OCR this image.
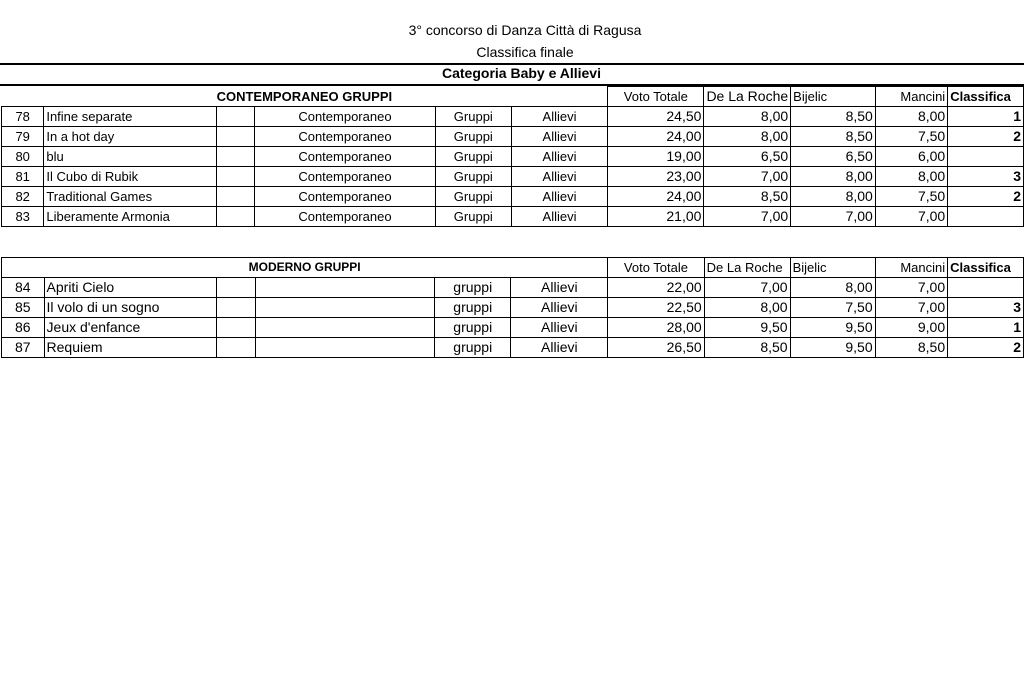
3° concorso di Danza Città di Ragusa
Classifica finale
Categoria Baby e Allievi
CONTEMPORANEO GRUPPI						Voto Totale	De La Roche	Bijelic	Mancini	Classifica
78	Infine separate		Contemporaneo	Gruppi	Allievi	24,50	8,00	8,50	8,00	1
79	In a hot day		Contemporaneo	Gruppi	Allievi	24,00	8,00	8,50	7,50	2
80	blu		Contemporaneo	Gruppi	Allievi	19,00	6,50	6,50	6,00	
81	Il Cubo di Rubik		Contemporaneo	Gruppi	Allievi	23,00	7,00	8,00	8,00	3
82	Traditional Games		Contemporaneo	Gruppi	Allievi	24,00	8,50	8,00	7,50	2
83	Liberamente Armonia		Contemporaneo	Gruppi	Allievi	21,00	7,00	7,00	7,00	
MODERNO GRUPPI						Voto Totale	De La Roche	Bijelic	Mancini	Classifica
84	Apriti Cielo			gruppi	Allievi	22,00	7,00	8,00	7,00	
85	Il volo di un sogno			gruppi	Allievi	22,50	8,00	7,50	7,00	3
86	Jeux d'enfance			gruppi	Allievi	28,00	9,50	9,50	9,00	1
87	Requiem			gruppi	Allievi	26,50	8,50	9,50	8,50	2
